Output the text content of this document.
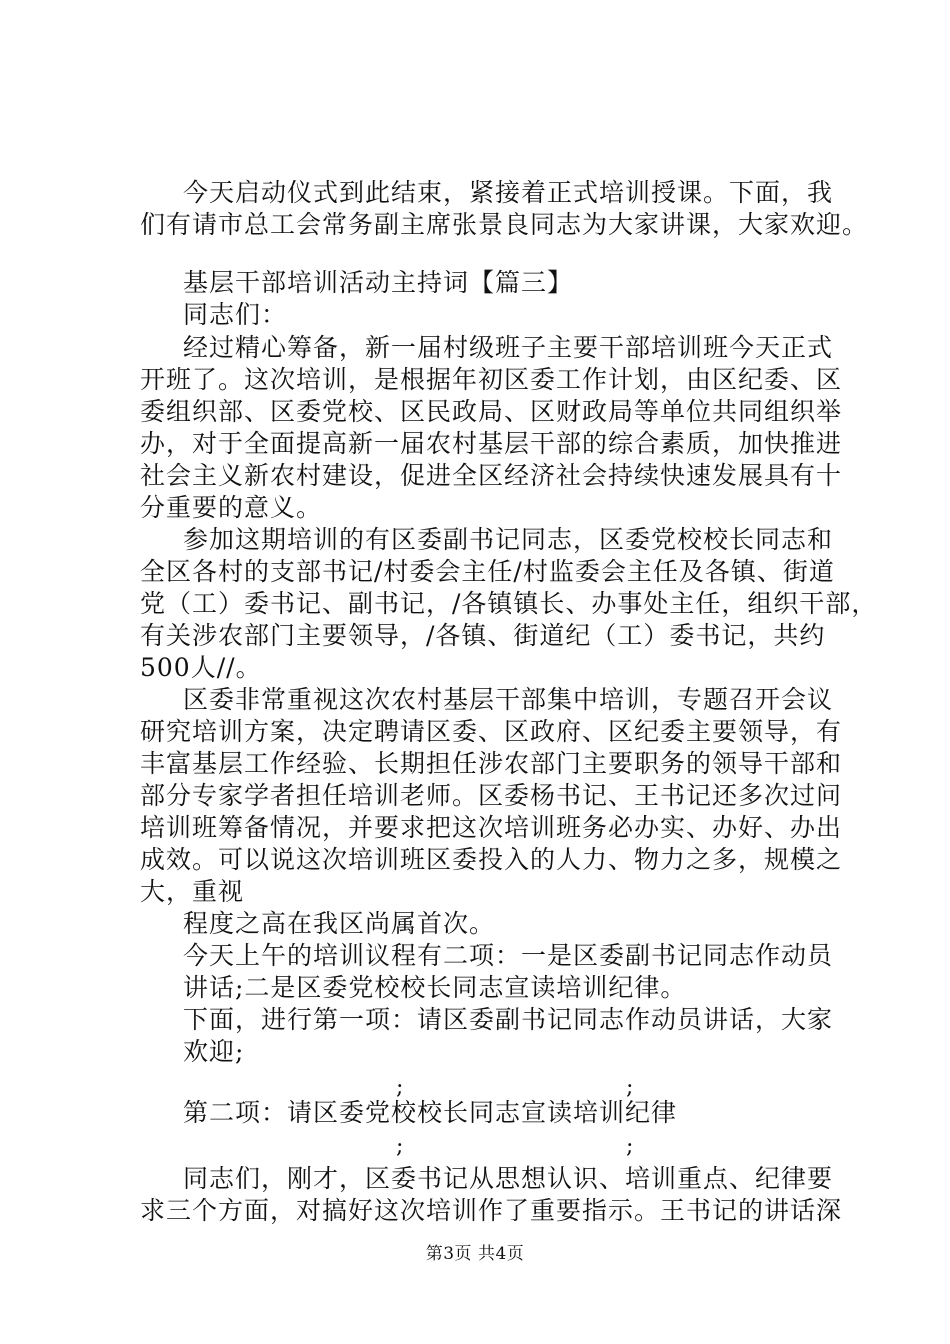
今天启动仪式到此结束，紧接着正式培训授课。下面，我
们有请市总工会常务副主席张景良同志为大家讲课，大家欢迎。
基层干部培训活动主持词【篇三】
同志们：
经过精心筹备，新一届村级班子主要干部培训班今天正式
开班了。这次培训，是根据年初区委工作计划，由区纪委、区
委组织部、区委党校、区民政局、区财政局等单位共同组织举
办，对于全面提高新一届农村基层干部的综合素质，加快推进
社会主义新农村建设，促进全区经济社会持续快速发展具有十
分重要的意义。
参加这期培训的有区委副书记同志，区委党校校长同志和
全区各村的支部书记/村委会主任/村监委会主任及各镇、街道
党（工）委书记、副书记，/各镇镇长、办事处主任，组织干部，
有关涉农部门主要领导，/各镇、街道纪（工）委书记，共约
500人//。
区委非常重视这次农村基层干部集中培训，专题召开会议
研究培训方案，决定聘请区委、区政府、区纪委主要领导，有
丰富基层工作经验、长期担任涉农部门主要职务的领导干部和
部分专家学者担任培训老师。区委杨书记、王书记还多次过问
培训班筹备情况，并要求把这次培训班务必办实、办好、办出
成效。可以说这次培训班区委投入的人力、物力之多，规模之
大，重视
程度之高在我区尚属首次。
今天上午的培训议程有二项：一是区委副书记同志作动员
讲话;二是区委党校校长同志宣读培训纪律。
下面，进行第一项：请区委副书记同志作动员讲话，大家
欢迎;
;	;
第二项：请区委党校校长同志宣读培训纪律
;	;
同志们，刚才，区委书记从思想认识、培训重点、纪律要
求三个方面，对搞好这次培训作了重要指示。王书记的讲话深
第3页 共4页
